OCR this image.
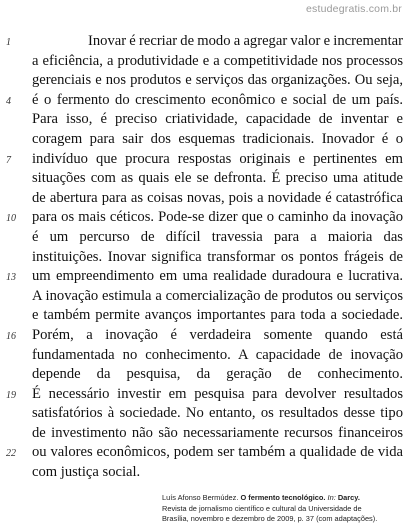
estudegratis.com.br
1	Inovar é recriar de modo a agregar valor e incrementar
a eficiência, a produtividade e a competitividade nos processos
gerenciais e nos produtos e serviços das organizações. Ou seja,
4	é o fermento do crescimento econômico e social de um país.
Para isso, é preciso criatividade, capacidade de inventar e
coragem para sair dos esquemas tradicionais. Inovador é o
7	indivíduo que procura respostas originais e pertinentes em
situações com as quais ele se defronta. É preciso uma atitude
de abertura para as coisas novas, pois a novidade é catastrófica
10	para os mais céticos. Pode-se dizer que o caminho da inovação
é um percurso de difícil travessia para a maioria das
instituições. Inovar significa transformar os pontos frágeis de
13	um empreendimento em uma realidade duradoura e lucrativa.
A inovação estimula a comercialização de produtos ou serviços
e também permite avanços importantes para toda a sociedade.
16	Porém, a inovação é verdadeira somente quando está
fundamentada no conhecimento. A capacidade de inovação
depende da pesquisa, da geração de conhecimento.
19	É necessário investir em pesquisa para devolver resultados
satisfatórios à sociedade. No entanto, os resultados desse tipo
de investimento não são necessariamente recursos financeiros
22	ou valores econômicos, podem ser também a qualidade de vida
com justiça social.
Luís Afonso Bermúdez. O fermento tecnológico. In: Darcy.
Revista de jornalismo científico e cultural da Universidade de
Brasília, novembro e dezembro de 2009, p. 37 (com adaptações).
